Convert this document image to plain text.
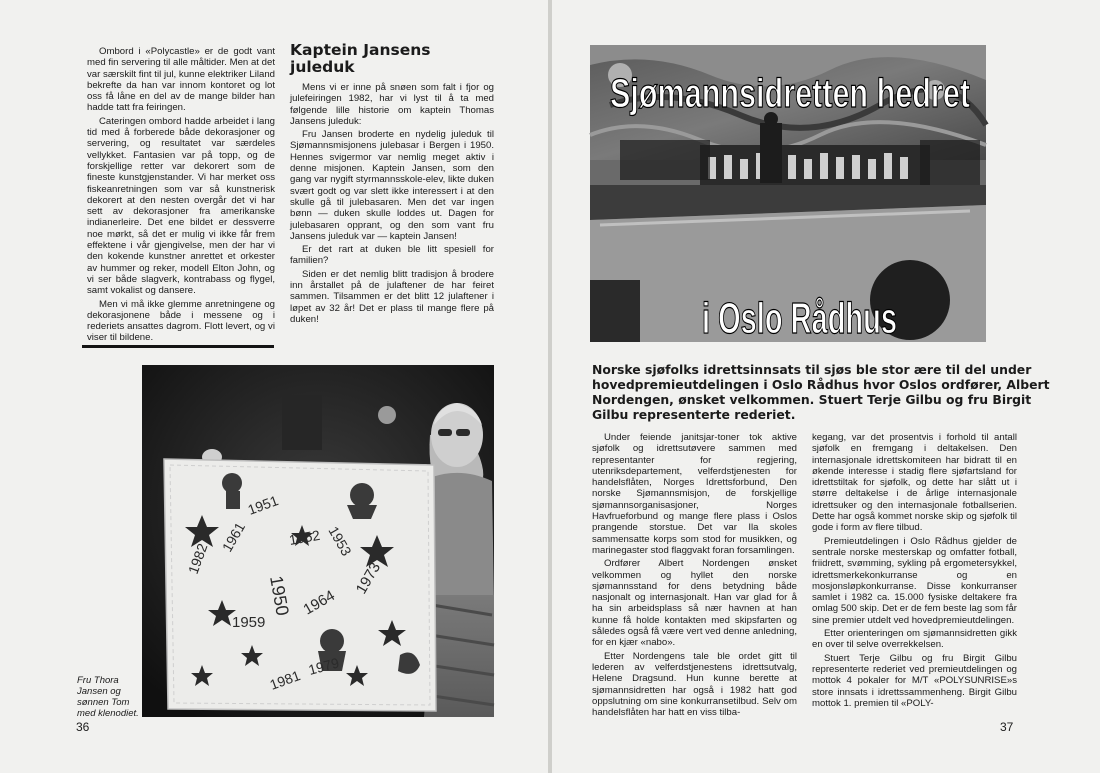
Ombord i «Polycastle» er de godt vant med fin servering til alle måltider. Men at det var særskilt fint til jul, kunne elektriker Liland bekrefte da han var innom kontoret og lot oss få låne en del av de mange bilder han hadde tatt fra feiringen.

Cateringen ombord hadde arbeidet i lang tid med å forberede både dekorasjoner og servering, og resultatet var særdeles vellykket. Fantasien var på topp, og de forskjellige retter var dekorert som de fineste kunstgjenstander. Vi har merket oss fiskeanretningen som var så kunstnerisk dekorert at den nesten overgår det vi har sett av dekorasjoner fra amerikanske indianerleire. Det ene bildet er dessverre noe mørkt, så det er mulig vi ikke får frem effektene i vår gjengivelse, men der har vi den kokende kunstner anrettet et orkester av hummer og reker, modell Elton John, og vi ser både slagverk, kontrabass og flygel, samt vokalist og dansere.

Men vi må ikke glemme anretningene og dekorasjonene både i messene og i rederiets ansattes dagrom. Flott levert, og vi viser til bildene.

Kaptein Jansens juleduk

Mens vi er inne på snøen som falt i fjor og julefeiringen 1982, har vi lyst til å ta med følgende lille historie om kaptein Thomas Jansens juleduk:

Fru Jansen broderte en nydelig juleduk til Sjømannsmisjonens julebasar i Bergen i 1950. Hennes svigermor var nemlig meget aktiv i denne misjonen. Kaptein Jansen, som den gang var nygift styrmannsskole-elev, likte duken svært godt og var slett ikke interessert i at den skulle gå til julebasaren. Men det var ingen bønn — duken skulle loddes ut. Dagen for julebasaren opprant, og den som vant fru Jansens juleduk var — kaptein Jansen!

Er det rart at duken ble litt spesiell for familien?

Siden er det nemlig blitt tradisjon å brodere inn årstallet på de julaftener de har feiret sammen. Tilsammen er det blitt 12 julaftener i løpet av 32 år! Det er plass til mange flere på duken!

1950
1951
1952 1953
1959
1961
1964
1973
1979
1981
1982
Fru Thora Jansen og sønnen Tom med klenodiet.
36
Sjømannsidretten hedret
i Oslo Rådhus
Norske sjøfolks idrettsinnsats til sjøs ble stor ære til del under hovedpremieutdelingen i Oslo Rådhus hvor Oslos ordfører, Albert Nordengen, ønsket velkommen. Stuert Terje Gilbu og fru Birgit Gilbu representerte rederiet.

Under feiende janitsjar-toner tok aktive sjøfolk og idrettsutøvere sammen med representanter for regjering, utenriksdepartement, velferdstjenesten for handelsflåten, Norges Idrettsforbund, Den norske Sjømannsmisjon, de forskjellige sjømannsorganisasjoner, Norges Havfrueforbund og mange flere plass i Oslos prangende storstue. Det var Ila skoles sammensatte korps som stod for musikken, og marinegaster stod flaggvakt foran forsamlingen.

Ordfører Albert Nordengen ønsket velkommen og hyllet den norske sjømannsstand for dens betydning både nasjonalt og internasjonalt. Han var glad for å ha sin arbeidsplass så nær havnen at han kunne få holde kontakten med skipsfarten og således også få være vert ved denne anledning, for en kjær «nabo».

Etter Nordengens tale ble ordet gitt til lederen av velferdstjenestens idrettsutvalg, Helene Dragsund. Hun kunne berette at sjømannsidretten har også i 1982 hatt god oppslutning om sine konkurransetilbud. Selv om handelsflåten har hatt en viss tilba-

kegang, var det prosentvis i forhold til antall sjøfolk en fremgang i deltakelsen. Den internasjonale idrettskomiteen har bidratt til en økende interesse i stadig flere sjøfartsland for idrettstiltak for sjøfolk, og dette har slått ut i større deltakelse i de årlige internasjonale idrettsuker og den internasjonale fotballserien. Dette har også kommet norske skip og sjøfolk til gode i form av flere tilbud.

Premieutdelingen i Oslo Rådhus gjelder de sentrale norske mesterskap og omfatter fotball, friidrett, svømming, sykling på ergometersykkel, idrettsmerkekonkurranse og en mosjonsløpkonkurranse. Disse konkurranser samlet i 1982 ca. 15.000 fysiske deltakere fra omlag 500 skip. Det er de fem beste lag som får sine premier utdelt ved hovedpremieutdelingen.

Etter orienteringen om sjømannsidretten gikk en over til selve overrekkelsen.

Stuert Terje Gilbu og fru Birgit Gilbu representerte rederiet ved premieutdelingen og mottok 4 pokaler for M/T «POLYSUNRISE»s store innsats i idrettssammenheng. Birgit Gilbu mottok 1. premien til «POLY-

37
